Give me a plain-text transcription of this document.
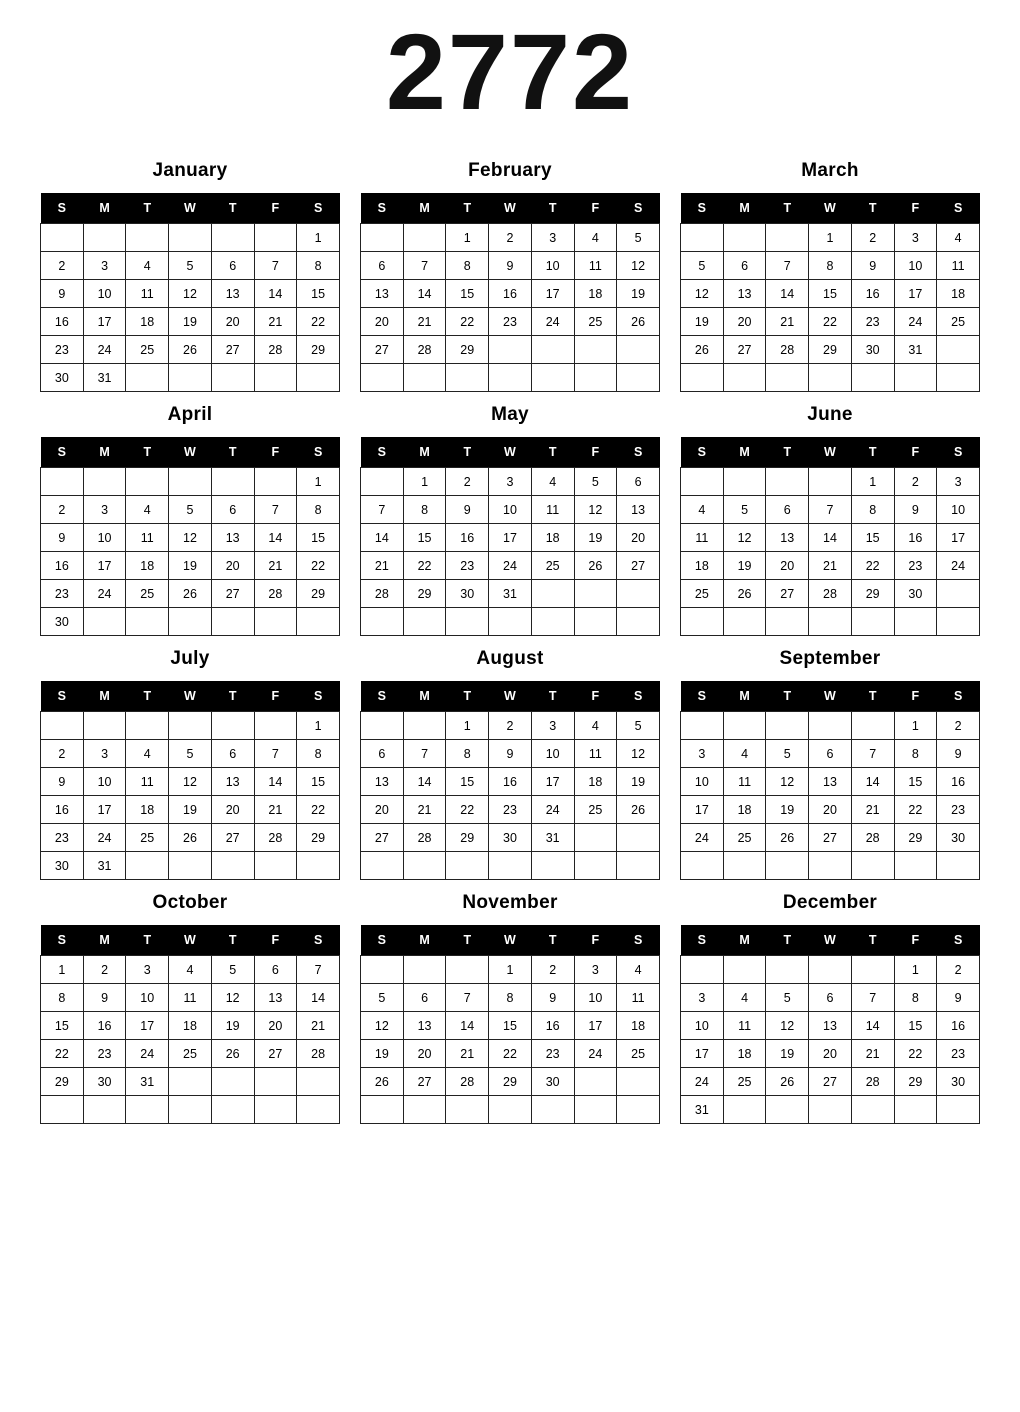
2772
January
S	M	T	W	T	F	S
						1
2	3	4	5	6	7	8
9	10	11	12	13	14	15
16	17	18	19	20	21	22
23	24	25	26	27	28	29
30	31					
February
S	M	T	W	T	F	S
		1	2	3	4	5
6	7	8	9	10	11	12
13	14	15	16	17	18	19
20	21	22	23	24	25	26
27	28	29				

March
S	M	T	W	T	F	S
			1	2	3	4
5	6	7	8	9	10	11
12	13	14	15	16	17	18
19	20	21	22	23	24	25
26	27	28	29	30	31	

April
S	M	T	W	T	F	S
						1
2	3	4	5	6	7	8
9	10	11	12	13	14	15
16	17	18	19	20	21	22
23	24	25	26	27	28	29
30						
May
S	M	T	W	T	F	S
	1	2	3	4	5	6
7	8	9	10	11	12	13
14	15	16	17	18	19	20
21	22	23	24	25	26	27
28	29	30	31			

June
S	M	T	W	T	F	S
				1	2	3
4	5	6	7	8	9	10
11	12	13	14	15	16	17
18	19	20	21	22	23	24
25	26	27	28	29	30	

July
S	M	T	W	T	F	S
						1
2	3	4	5	6	7	8
9	10	11	12	13	14	15
16	17	18	19	20	21	22
23	24	25	26	27	28	29
30	31					
August
S	M	T	W	T	F	S
		1	2	3	4	5
6	7	8	9	10	11	12
13	14	15	16	17	18	19
20	21	22	23	24	25	26
27	28	29	30	31		

September
S	M	T	W	T	F	S
					1	2
3	4	5	6	7	8	9
10	11	12	13	14	15	16
17	18	19	20	21	22	23
24	25	26	27	28	29	30

October
S	M	T	W	T	F	S
1	2	3	4	5	6	7
8	9	10	11	12	13	14
15	16	17	18	19	20	21
22	23	24	25	26	27	28
29	30	31				

November
S	M	T	W	T	F	S
			1	2	3	4
5	6	7	8	9	10	11
12	13	14	15	16	17	18
19	20	21	22	23	24	25
26	27	28	29	30		

December
S	M	T	W	T	F	S
					1	2
3	4	5	6	7	8	9
10	11	12	13	14	15	16
17	18	19	20	21	22	23
24	25	26	27	28	29	30
31						
